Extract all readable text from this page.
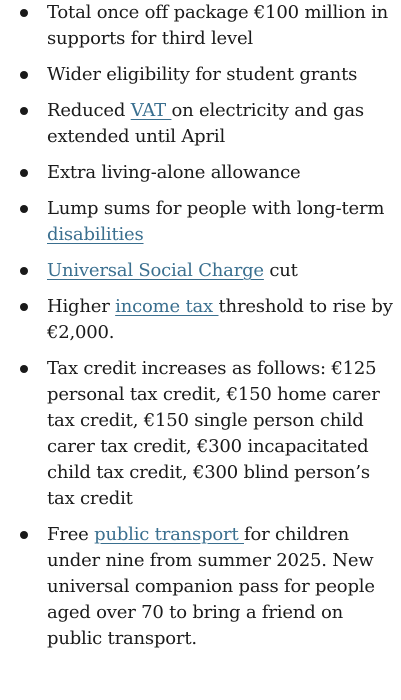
Total once off package €100 million in supports for third level
Wider eligibility for student grants
Reduced VAT on electricity and gas extended until April
Extra living-alone allowance
Lump sums for people with long-term disabilities
Universal Social Charge cut
Higher income tax threshold to rise by €2,000.
Tax credit increases as follows: €125 personal tax credit, €150 home carer tax credit, €150 single person child carer tax credit, €300 incapacitated child tax credit, €300 blind person’s tax credit
Free public transport for children under nine from summer 2025. New universal companion pass for people aged over 70 to bring a friend on public transport.
